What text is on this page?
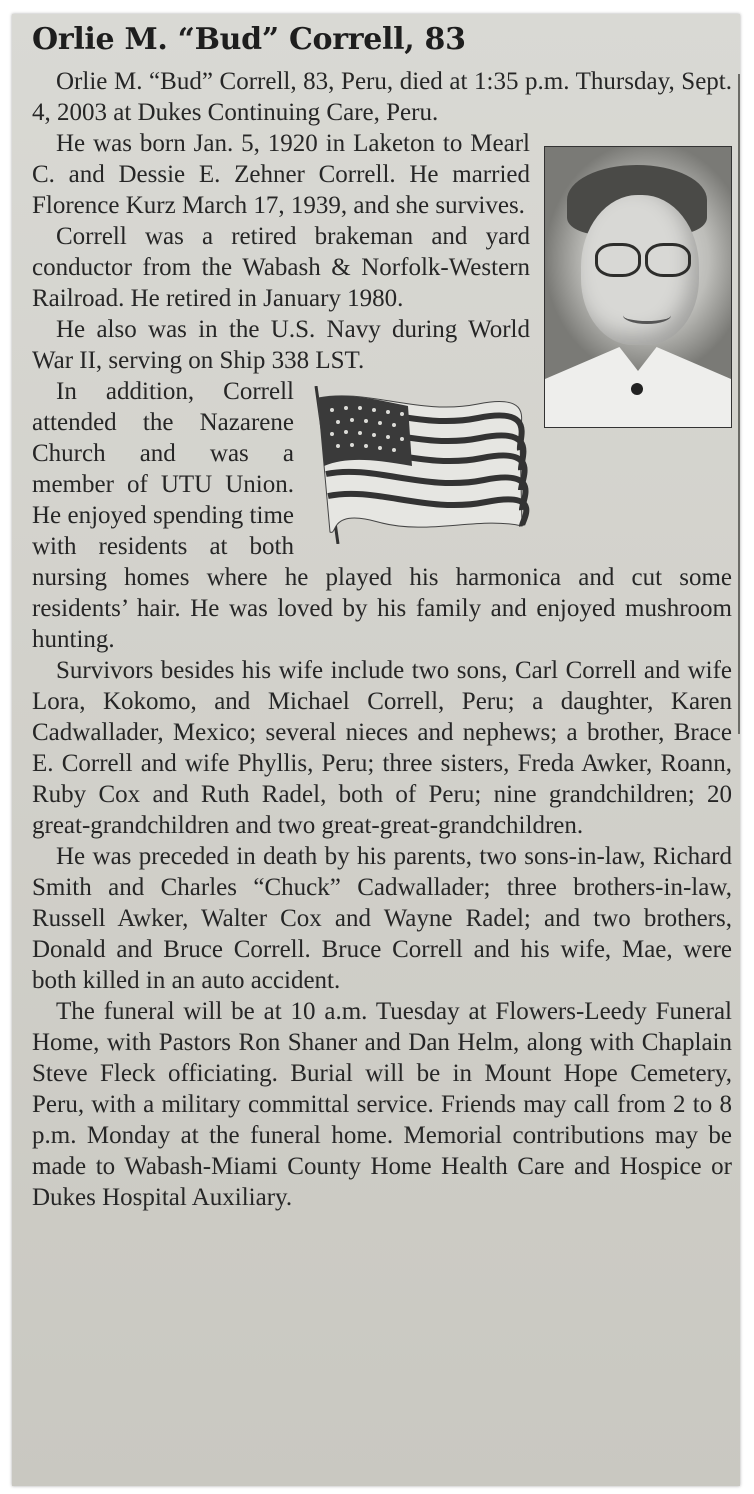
Orlie M. “Bud” Correll, 83

Orlie M. “Bud” Correll, 83, Peru, died at 1:35 p.m. Thursday, Sept. 4, 2003 at Dukes Continuing Care, Peru.

He was born Jan. 5, 1920 in Laketon to Mearl C. and Dessie E. Zehner Correll. He married Florence Kurz March 17, 1939, and she survives.

Correll was a retired brakeman and yard conductor from the Wabash & Norfolk-Western Railroad. He retired in January 1980.

He also was in the U.S. Navy during World War II, serving on Ship 338 LST.

In addition, Correll attended the Nazarene Church and was a member of UTU Union. He enjoyed spending time with residents at both nursing homes where he played his harmonica and cut some residents’ hair. He was loved by his family and enjoyed mushroom hunting.

Survivors besides his wife include two sons, Carl Correll and wife Lora, Kokomo, and Michael Correll, Peru; a daughter, Karen Cadwallader, Mexico; several nieces and nephews; a brother, Brace E. Correll and wife Phyllis, Peru; three sisters, Freda Awker, Roann, Ruby Cox and Ruth Radel, both of Peru; nine grandchildren; 20 great-grandchildren and two great-great-grandchildren.

He was preceded in death by his parents, two sons-in-law, Richard Smith and Charles “Chuck” Cadwallader; three brothers-in-law, Russell Awker, Walter Cox and Wayne Radel; and two brothers, Donald and Bruce Correll. Bruce Correll and his wife, Mae, were both killed in an auto accident.

The funeral will be at 10 a.m. Tuesday at Flowers-Leedy Funeral Home, with Pastors Ron Shaner and Dan Helm, along with Chaplain Steve Fleck officiating. Burial will be in Mount Hope Cemetery, Peru, with a military committal service. Friends may call from 2 to 8 p.m. Monday at the funeral home. Memorial contributions may be made to Wabash-Miami County Home Health Care and Hospice or Dukes Hospital Auxiliary.
